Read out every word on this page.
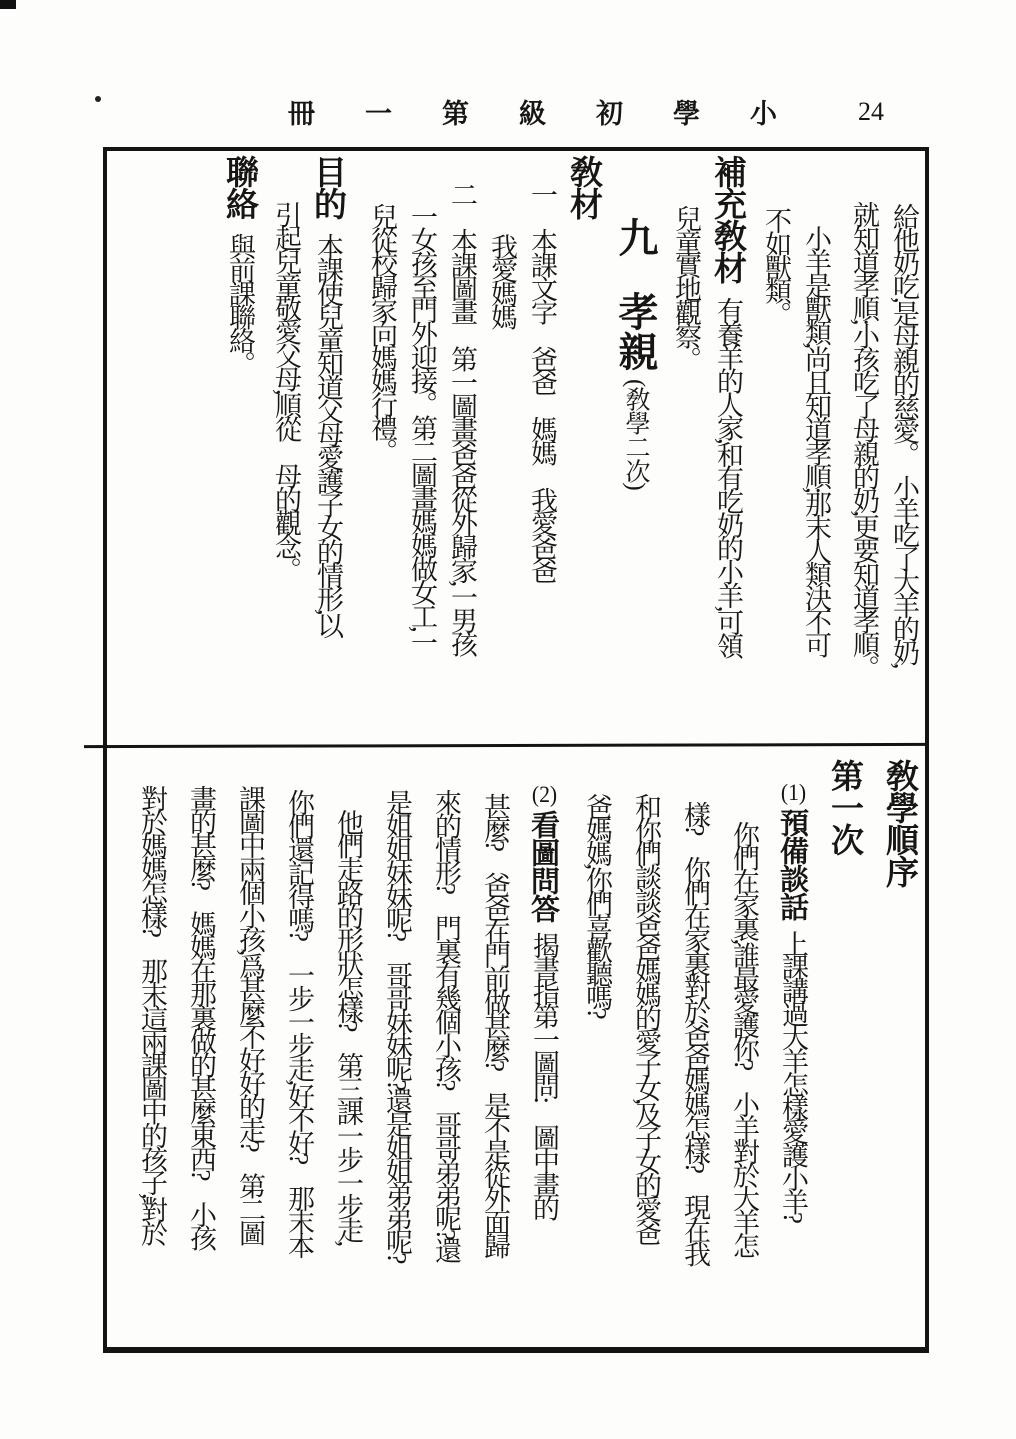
冊一第級初學小 24
給他奶吃,是母親的慈愛。　小羊吃了大羊的奶,
就知道孝順;小孩吃了母親的奶,更要知道孝順。
小羊是獸類,尚且知道孝順;那末人類決不可
不如獸類。
補充敎材有養羊的人家,和有吃奶的小羊,可領
兒童實地觀察。
九孝親(敎學二次)
敎材
一　本課文字　爸爸　媽媽　我愛爸爸
我愛媽媽
二　本課圖畫　第一圖畫爸爸從外歸家,一男孩
一女孩至門外迎接。第二圖畫媽媽做女工,一
兒從校歸家向媽媽行禮。
目的本課使兒童知道父母愛護子女的情形,以
引起兒童敬愛父母,順從　母的觀念。
聯絡與前課聯絡。
敎學順序
第一次
(1)預備談話上課講過大羊怎樣愛護小羊?
你們在家裏,誰最愛護你?　小羊對於大羊怎
樣?　你們在家裏對於爸爸媽媽怎樣?　現在我
和你們談談爸爸媽媽的愛子女,及子女的愛爸
爸媽媽,你們喜歡聽嗎?
(2)看圖問答揭書指第一圖問:　圖中畫的
甚麼?　爸爸在門前做甚麼?　是不是從外面歸
來的情形?　門裏有幾個小孩?　哥哥弟弟呢?還
是姐姐妹妹呢?　哥哥妹妹呢?還是姐姐弟弟呢?
他們走路的形狀怎樣?　第三課一步一步走,
你們還記得嗎?　一步一步走,好不好?　那末本
課圖中兩個小孩,爲甚麼不好好的走?　第二圖
畫的甚麼?　媽媽在那裏做的甚麼東西?　小孩
對於媽媽怎樣?　那末這兩課圖中的孩子,對於
